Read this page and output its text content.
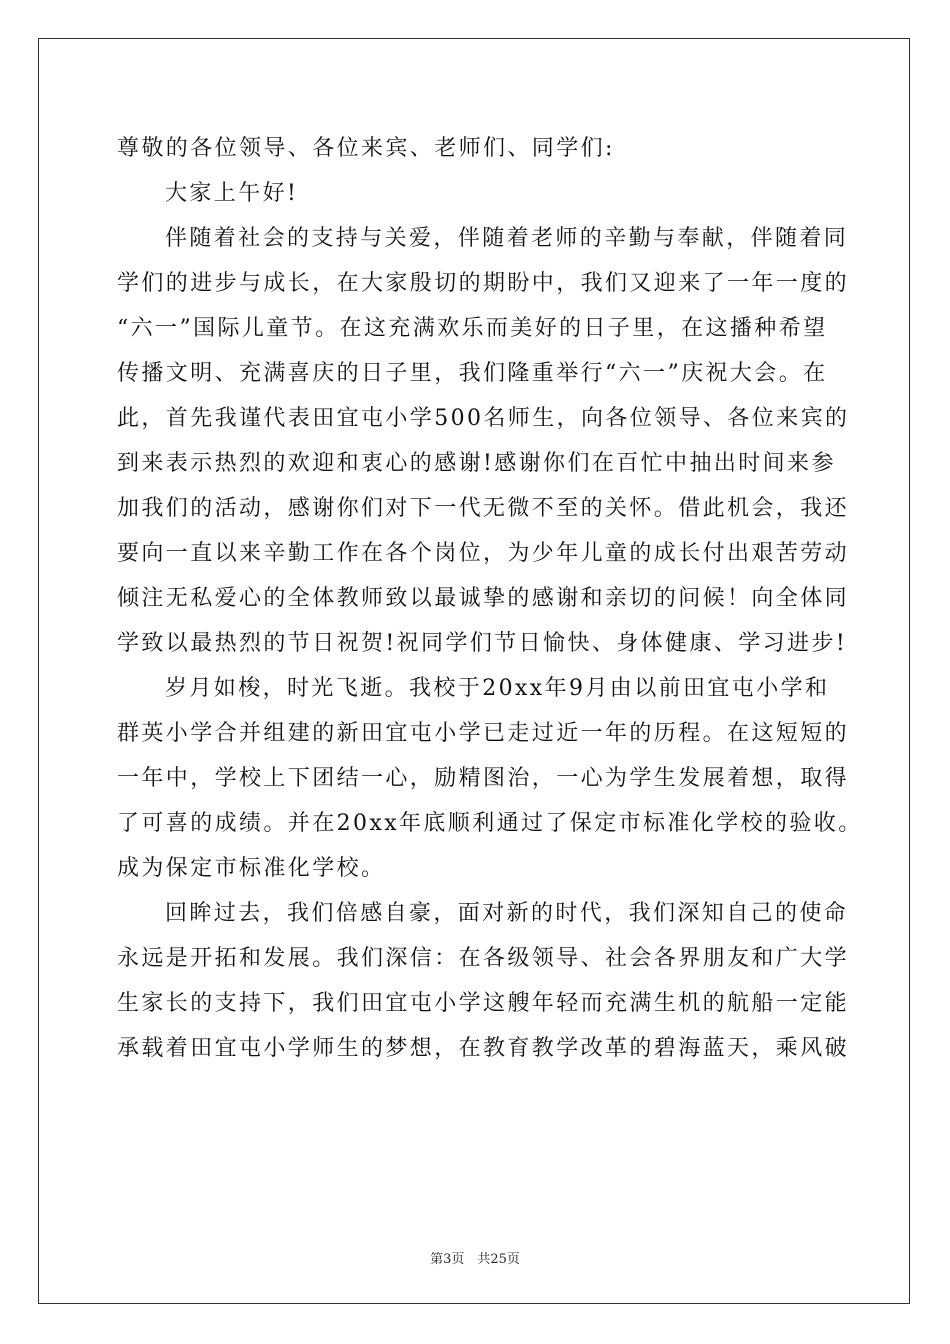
尊敬的各位领导、各位来宾、老师们、同学们:
大家上午好!
伴随着社会的支持与关爱，伴随着老师的辛勤与奉献，伴随着同
学们的进步与成长，在大家殷切的期盼中，我们又迎来了一年一度的
“六一”国际儿童节。在这充满欢乐而美好的日子里，在这播种希望
传播文明、充满喜庆的日子里，我们隆重举行“六一”庆祝大会。在
此，首先我谨代表田宜屯小学500名师生，向各位领导、各位来宾的
到来表示热烈的欢迎和衷心的感谢!感谢你们在百忙中抽出时间来参
加我们的活动，感谢你们对下一代无微不至的关怀。借此机会，我还
要向一直以来辛勤工作在各个岗位，为少年儿童的成长付出艰苦劳动
倾注无私爱心的全体教师致以最诚挚的感谢和亲切的问候！向全体同
学致以最热烈的节日祝贺!祝同学们节日愉快、身体健康、学习进步!
岁月如梭，时光飞逝。我校于20xx年9月由以前田宜屯小学和
群英小学合并组建的新田宜屯小学已走过近一年的历程。在这短短的
一年中，学校上下团结一心，励精图治，一心为学生发展着想，取得
了可喜的成绩。并在20xx年底顺利通过了保定市标准化学校的验收。
成为保定市标准化学校。
回眸过去，我们倍感自豪，面对新的时代，我们深知自己的使命
永远是开拓和发展。我们深信：在各级领导、社会各界朋友和广大学
生家长的支持下，我们田宜屯小学这艘年轻而充满生机的航船一定能
承载着田宜屯小学师生的梦想，在教育教学改革的碧海蓝天，乘风破
第3页　共25页
